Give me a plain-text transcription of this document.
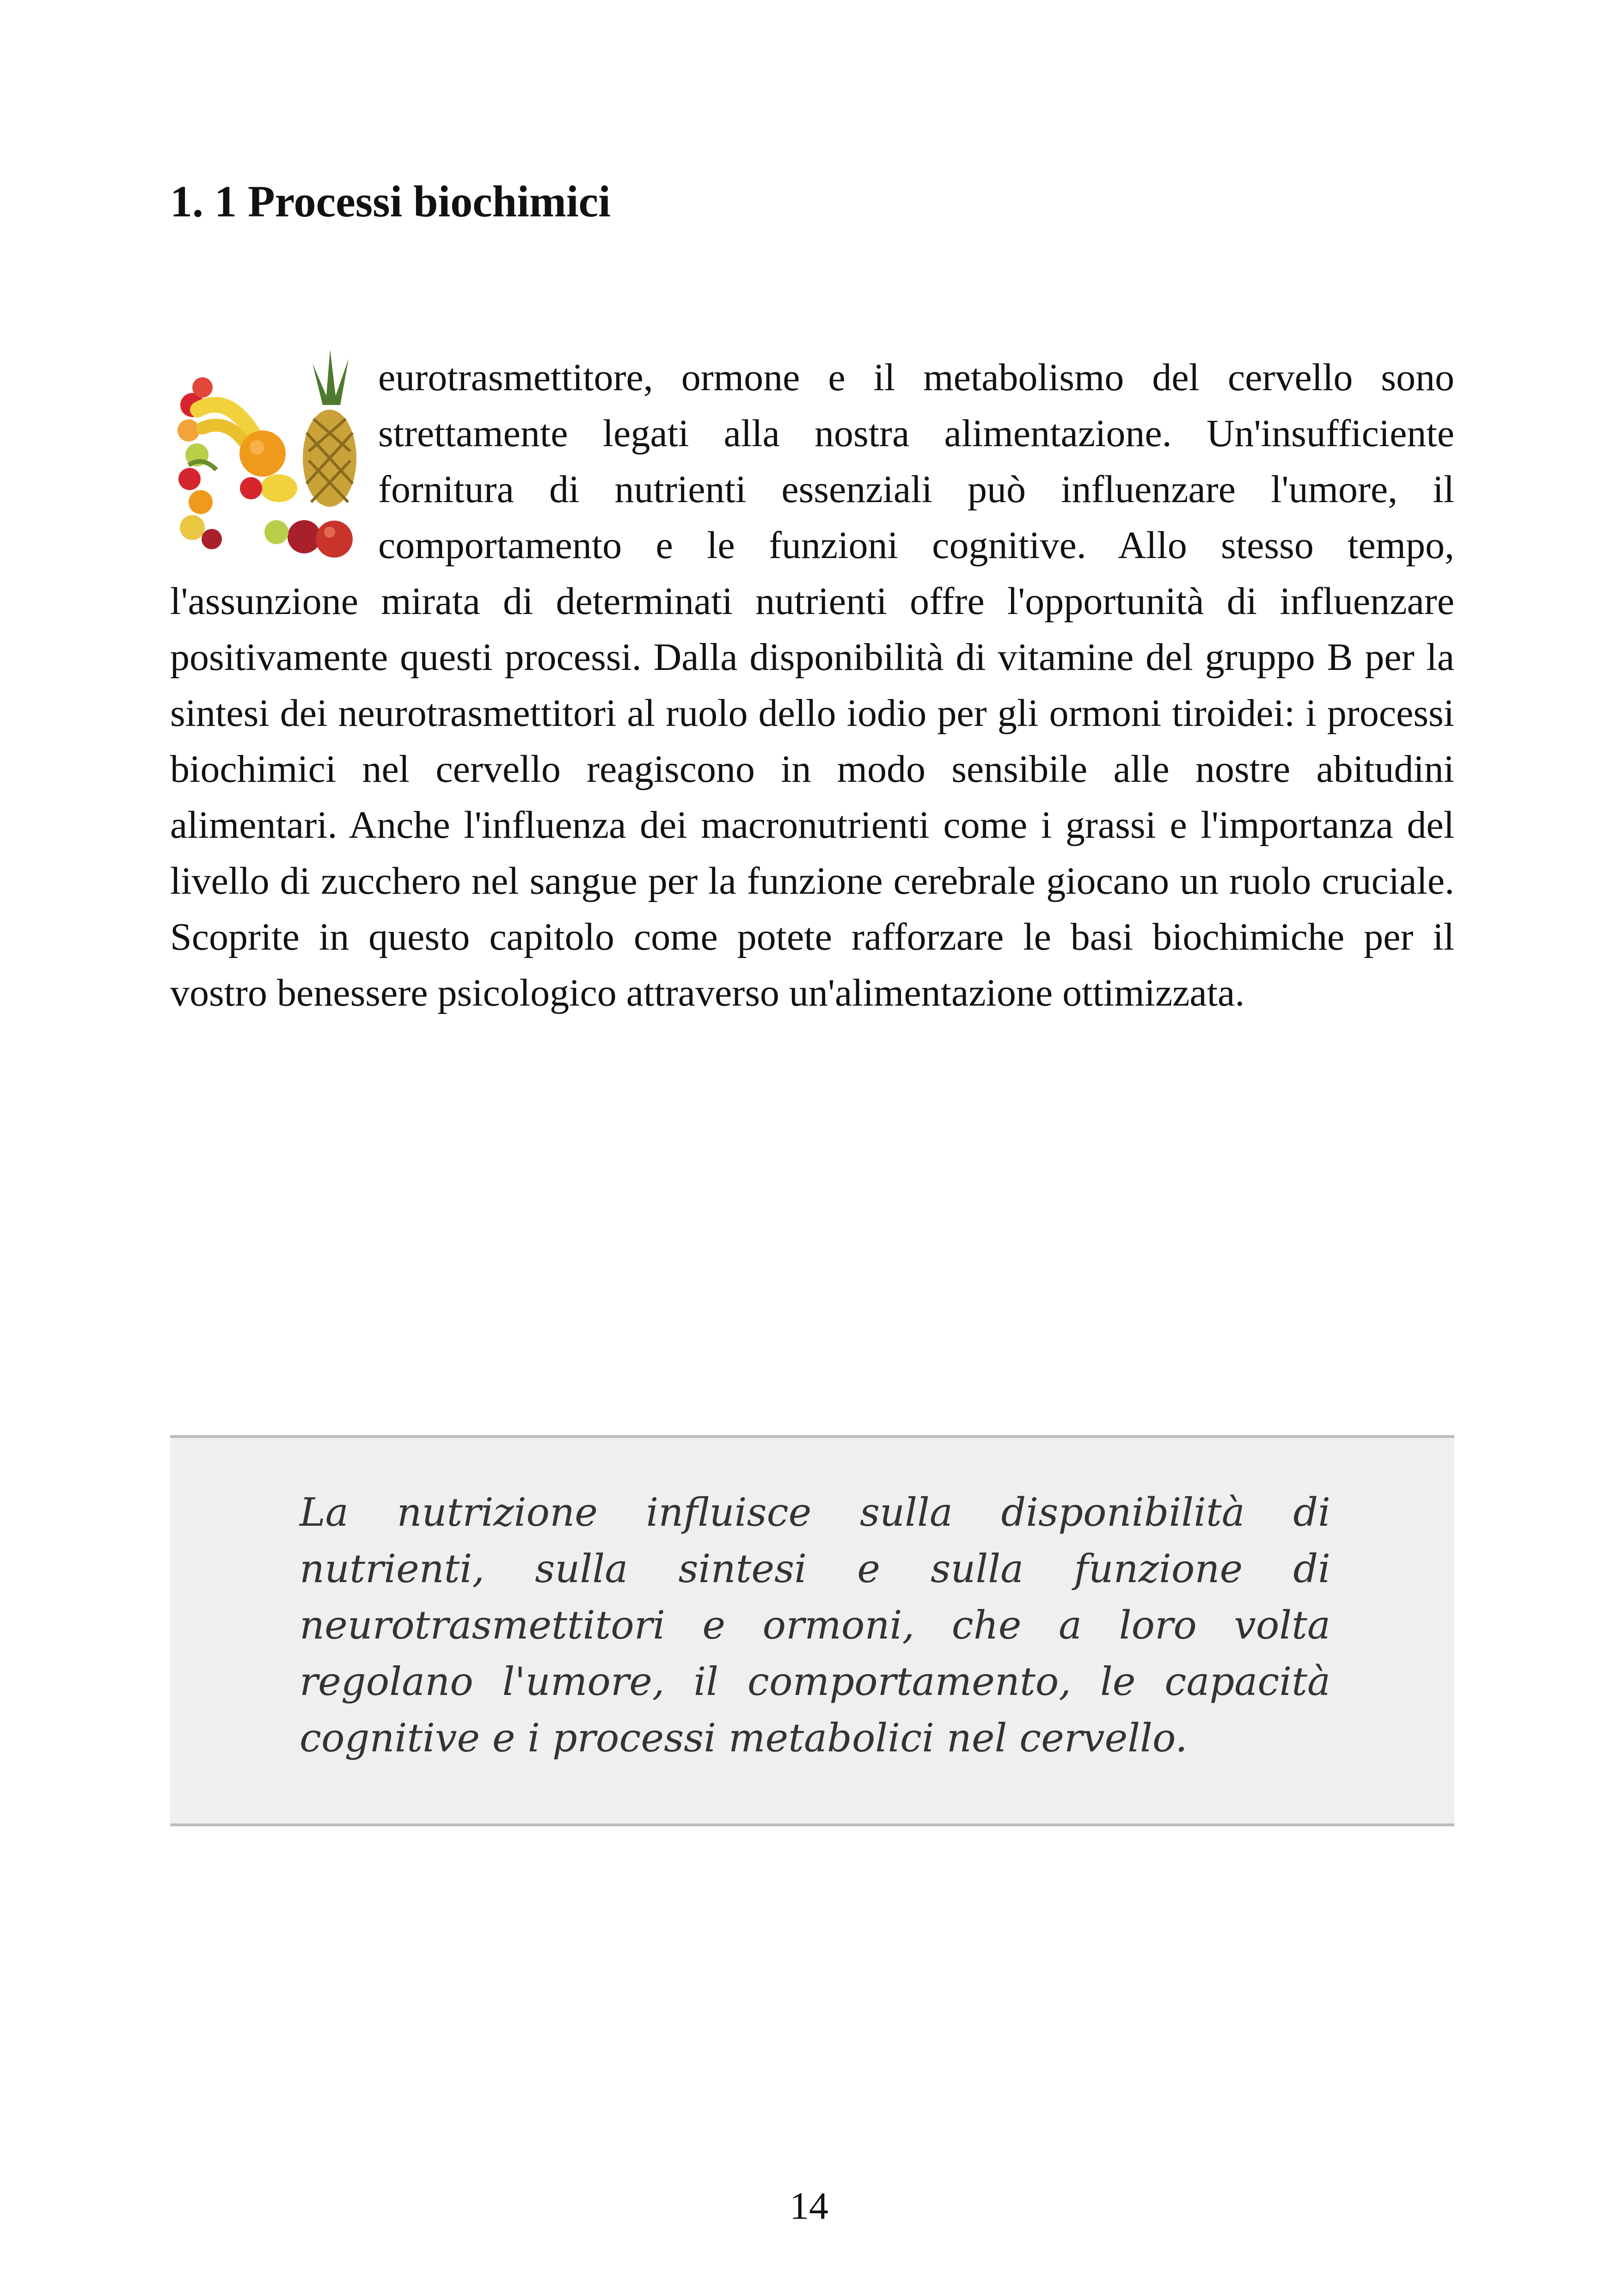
1. 1 Processi biochimici

eurotrasmettitore, ormone e il metabolismo del cervello sono strettamente legati alla nostra alimentazione. Un'insufficiente fornitura di nutrienti essenziali può influenzare l'umore, il comportamento e le funzioni cognitive. Allo stesso tempo, l'assunzione mirata di determinati nutrienti offre l'opportunità di influenzare positivamente questi processi. Dalla disponibilità di vitamine del gruppo B per la sintesi dei neurotrasmettitori al ruolo dello iodio per gli ormoni tiroidei: i processi biochimici nel cervello reagiscono in modo sensibile alle nostre abitudini alimentari. Anche l'influenza dei macronutrienti come i grassi e l'importanza del livello di zucchero nel sangue per la funzione cerebrale giocano un ruolo cruciale. Scoprite in questo capitolo come potete rafforzare le basi biochimiche per il vostro benessere psicologico attraverso un'alimentazione ottimizzata.

La nutrizione influisce sulla disponibilità di nutrienti, sulla sintesi e sulla funzione di neurotrasmettitori e ormoni, che a loro volta regolano l'umore, il comportamento, le capacità cognitive e i processi metabolici nel cervello.

14
